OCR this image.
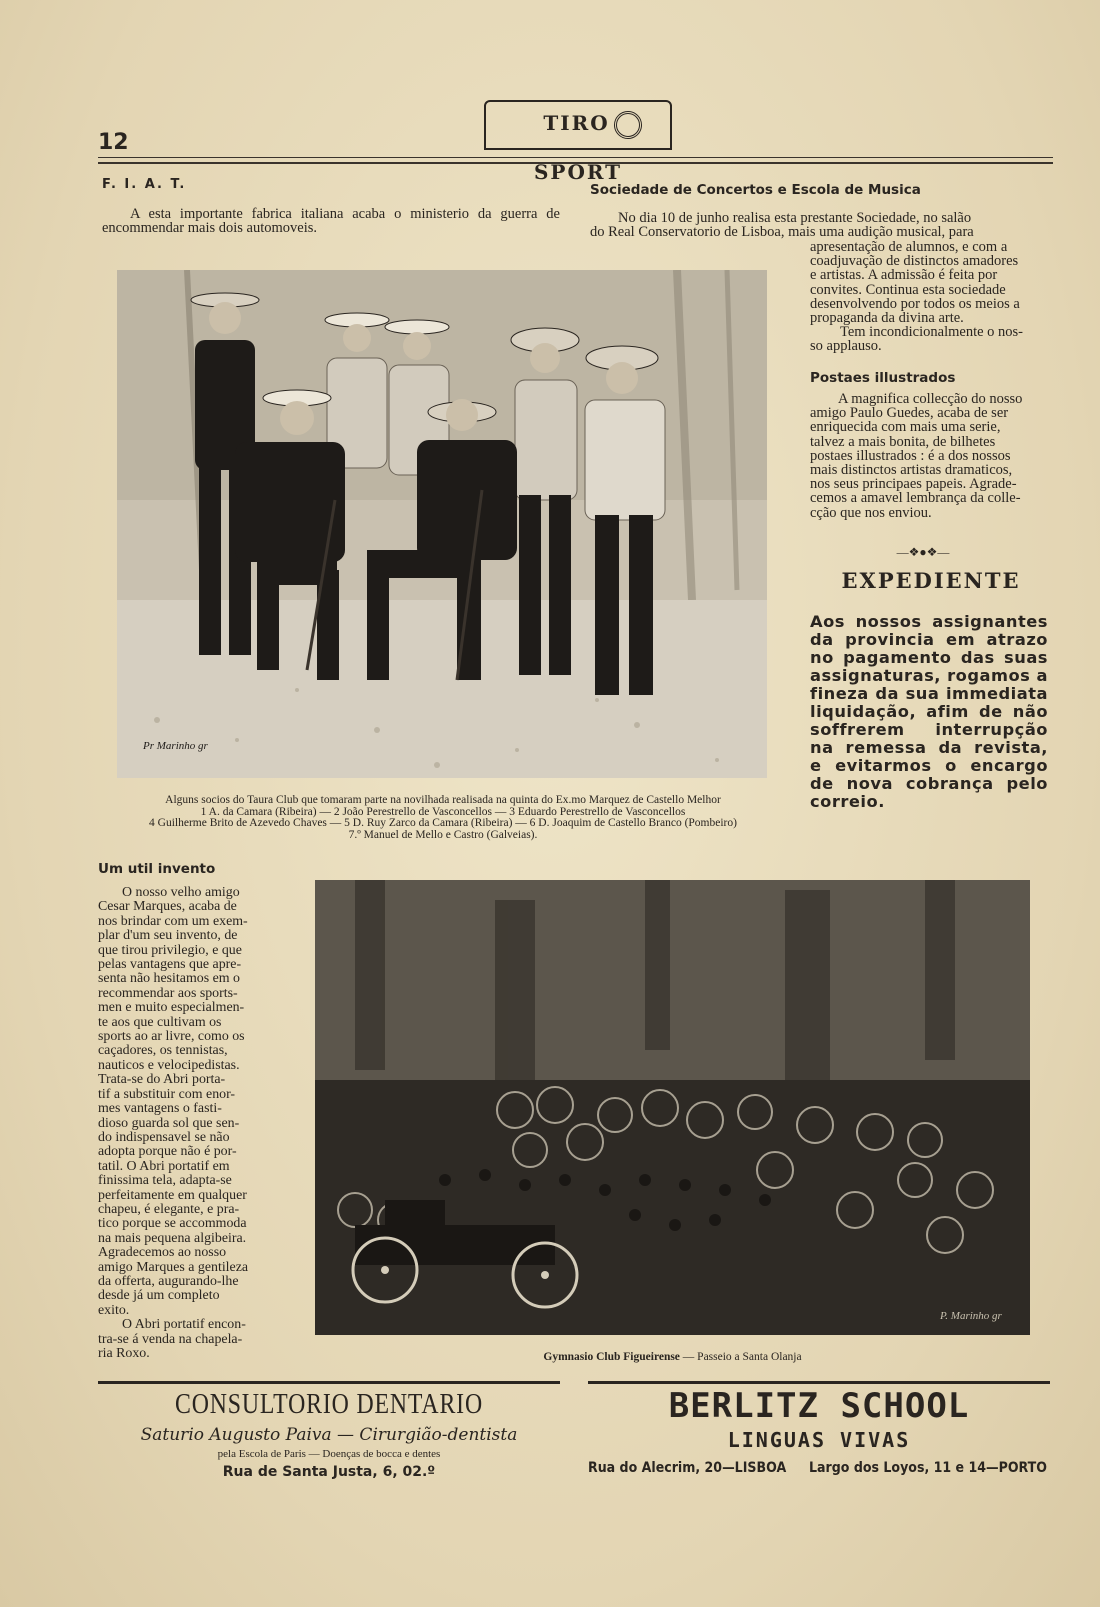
12
TIROSPORT
F. I. A. T.
A esta importante fabrica italiana acaba o ministerio da guerra de encommendar mais dois automoveis.
Sociedade de Concertos e Escola de Musica
No dia 10 de junho realisa esta prestante Sociedade, no salão
do Real Conservatorio de Lisboa, mais uma audição musical, para
apresentação de alumnos, e com a
coadjuvação de distinctos amadores
e artistas. A admissão é feita por
convites. Continua esta sociedade
desenvolvendo por todos os meios a
propaganda da divina arte.
Tem incondicionalmente o nos-
so applauso.
Postaes illustrados
A magnifica collecção do nosso
amigo Paulo Guedes, acaba de ser
enriquecida com mais uma serie,
talvez a mais bonita, de bilhetes
postaes illustrados : é a dos nossos
mais distinctos artistas dramaticos,
nos seus principaes papeis. Agrade-
cemos a amavel lembrança da colle-
cção que nos enviou.
—❖●❖—
EXPEDIENTE
Aos nossos assignantes da provincia em atrazo no pagamento das suas assignaturas, rogamos a fineza da sua immediata liquidação, afim de não soffrerem interrupção na remessa da revista, e evitarmos o encargo de nova cobrança pelo correio.
Pr Marinho gr
Alguns socios do Taura Club que tomaram parte na novilhada realisada na quinta do Ex.mo Marquez de Castello Melhor
1 A. da Camara (Ribeira) — 2 João Perestrello de Vasconcellos — 3 Eduardo Perestrello de Vasconcellos
4 Guilherme Brito de Azevedo Chaves — 5 D. Ruy Zarco da Camara (Ribeira) — 6 D. Joaquim de Castello Branco (Pombeiro)
7.º Manuel de Mello e Castro (Galveias).
Um util invento
O nosso velho amigo
Cesar Marques, acaba de
nos brindar com um exem-
plar d'um seu invento, de
que tirou privilegio, e que
pelas vantagens que apre-
senta não hesitamos em o
recommendar aos sports-
men e muito especialmen-
te aos que cultivam os
sports ao ar livre, como os
caçadores, os tennistas,
nauticos e velocipedistas.
Trata-se do Abri porta-
tif a substituir com enor-
mes vantagens o fasti-
dioso guarda sol que sen-
do indispensavel se não
adopta porque não é por-
tatil. O Abri portatif em
finissima tela, adapta-se
perfeitamente em qualquer
chapeu, é elegante, e pra-
tico porque se accommoda
na mais pequena algibeira.
Agradecemos ao nosso
amigo Marques a gentileza
da offerta, augurando-lhe
desde já um completo
exito.
O Abri portatif encon-
tra-se á venda na chapela-
ria Roxo.
P. Marinho gr
Gymnasio Club Figueirense — Passeio a Santa Olanja
CONSULTORIO DENTARIO
Saturio Augusto Paiva — Cirurgião-dentista
pela Escola de Paris — Doenças de bocca e dentes
Rua de Santa Justa, 6, 02.º
BERLITZ SCHOOL
LINGUAS VIVAS
Rua do Alecrim, 20—LISBOA Largo dos Loyos, 11 e 14—PORTO
